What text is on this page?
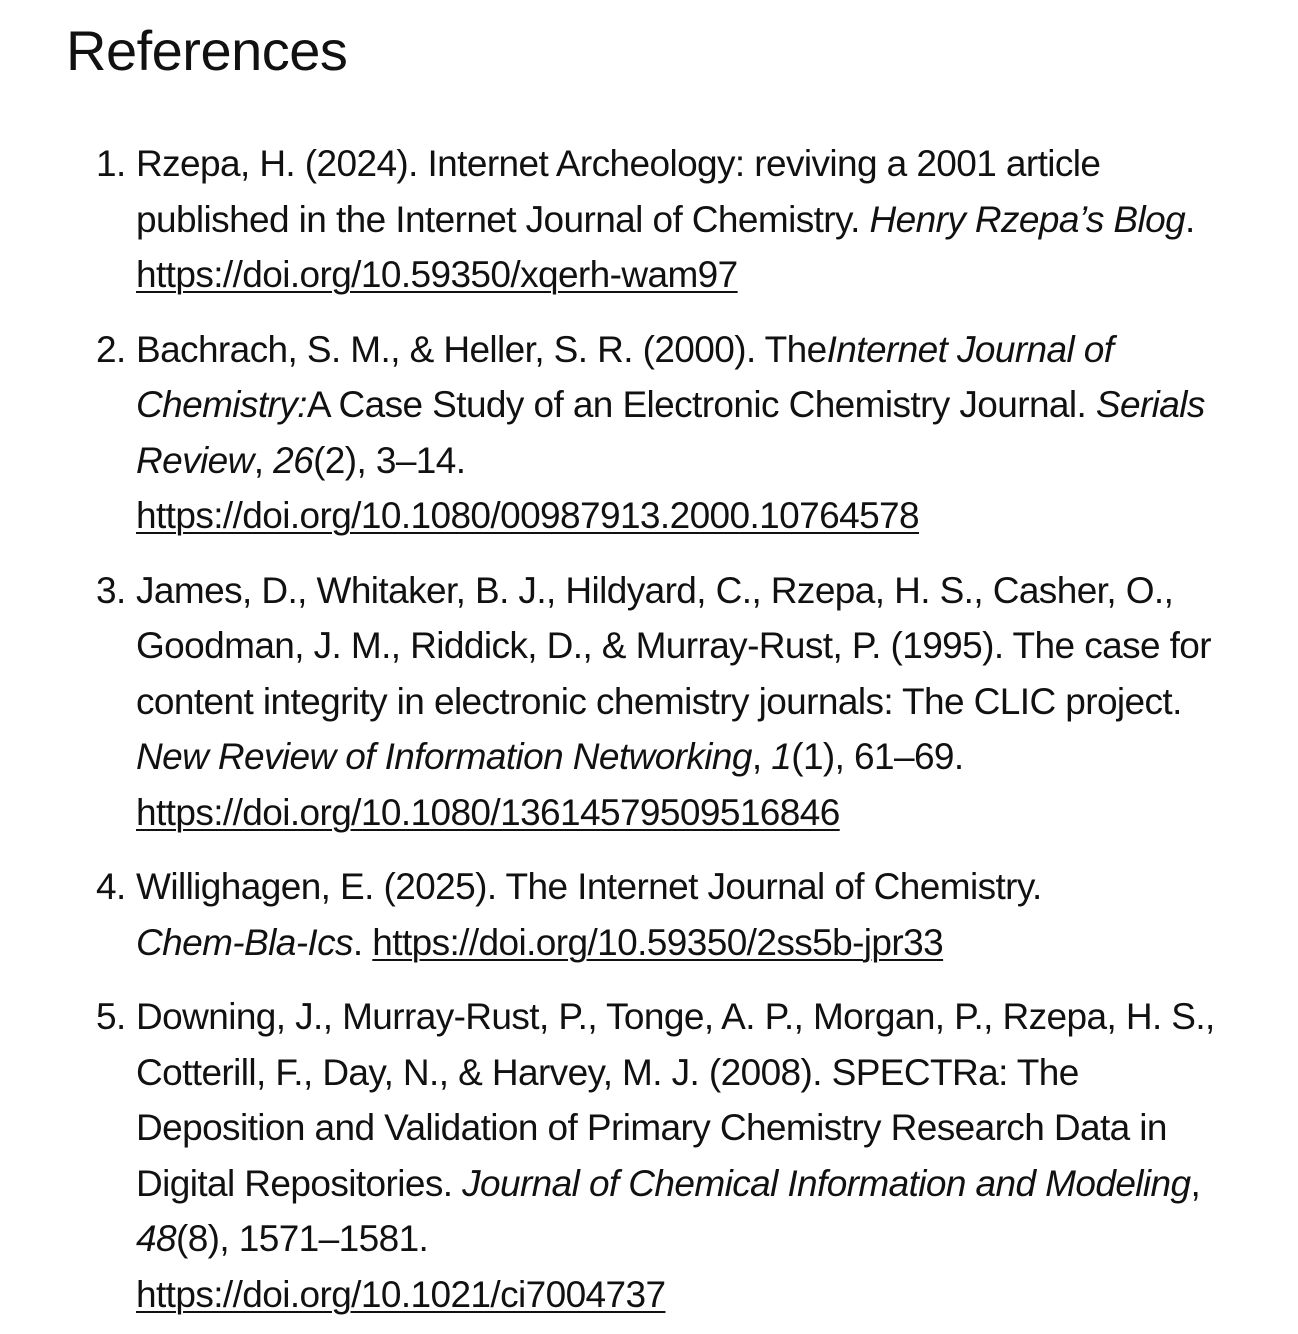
References
1. Rzepa, H. (2024). Internet Archeology: reviving a 2001 article published in the Internet Journal of Chemistry. Henry Rzepa’s Blog. https://doi.org/10.59350/xqerh-wam97
2. Bachrach, S. M., & Heller, S. R. (2000). TheInternet Journal of Chemistry:A Case Study of an Electronic Chemistry Journal. Serials Review, 26(2), 3–14.
https://doi.org/10.1080/00987913.2000.10764578
3. James, D., Whitaker, B. J., Hildyard, C., Rzepa, H. S., Casher, O., Goodman, J. M., Riddick, D., & Murray-Rust, P. (1995). The case for content integrity in electronic chemistry journals: The CLIC project. New Review of Information Networking, 1(1), 61–69. https://doi.org/10.1080/13614579509516846
4. Willighagen, E. (2025). The Internet Journal of Chemistry.
Chem-Bla-Ics. https://doi.org/10.59350/2ss5b-jpr33
5. Downing, J., Murray-Rust, P., Tonge, A. P., Morgan, P., Rzepa, H. S., Cotterill, F., Day, N., & Harvey, M. J. (2008). SPECTRa: The Deposition and Validation of Primary Chemistry Research Data in Digital Repositories. Journal of Chemical Information and Modeling, 48(8), 1571–1581.
https://doi.org/10.1021/ci7004737
